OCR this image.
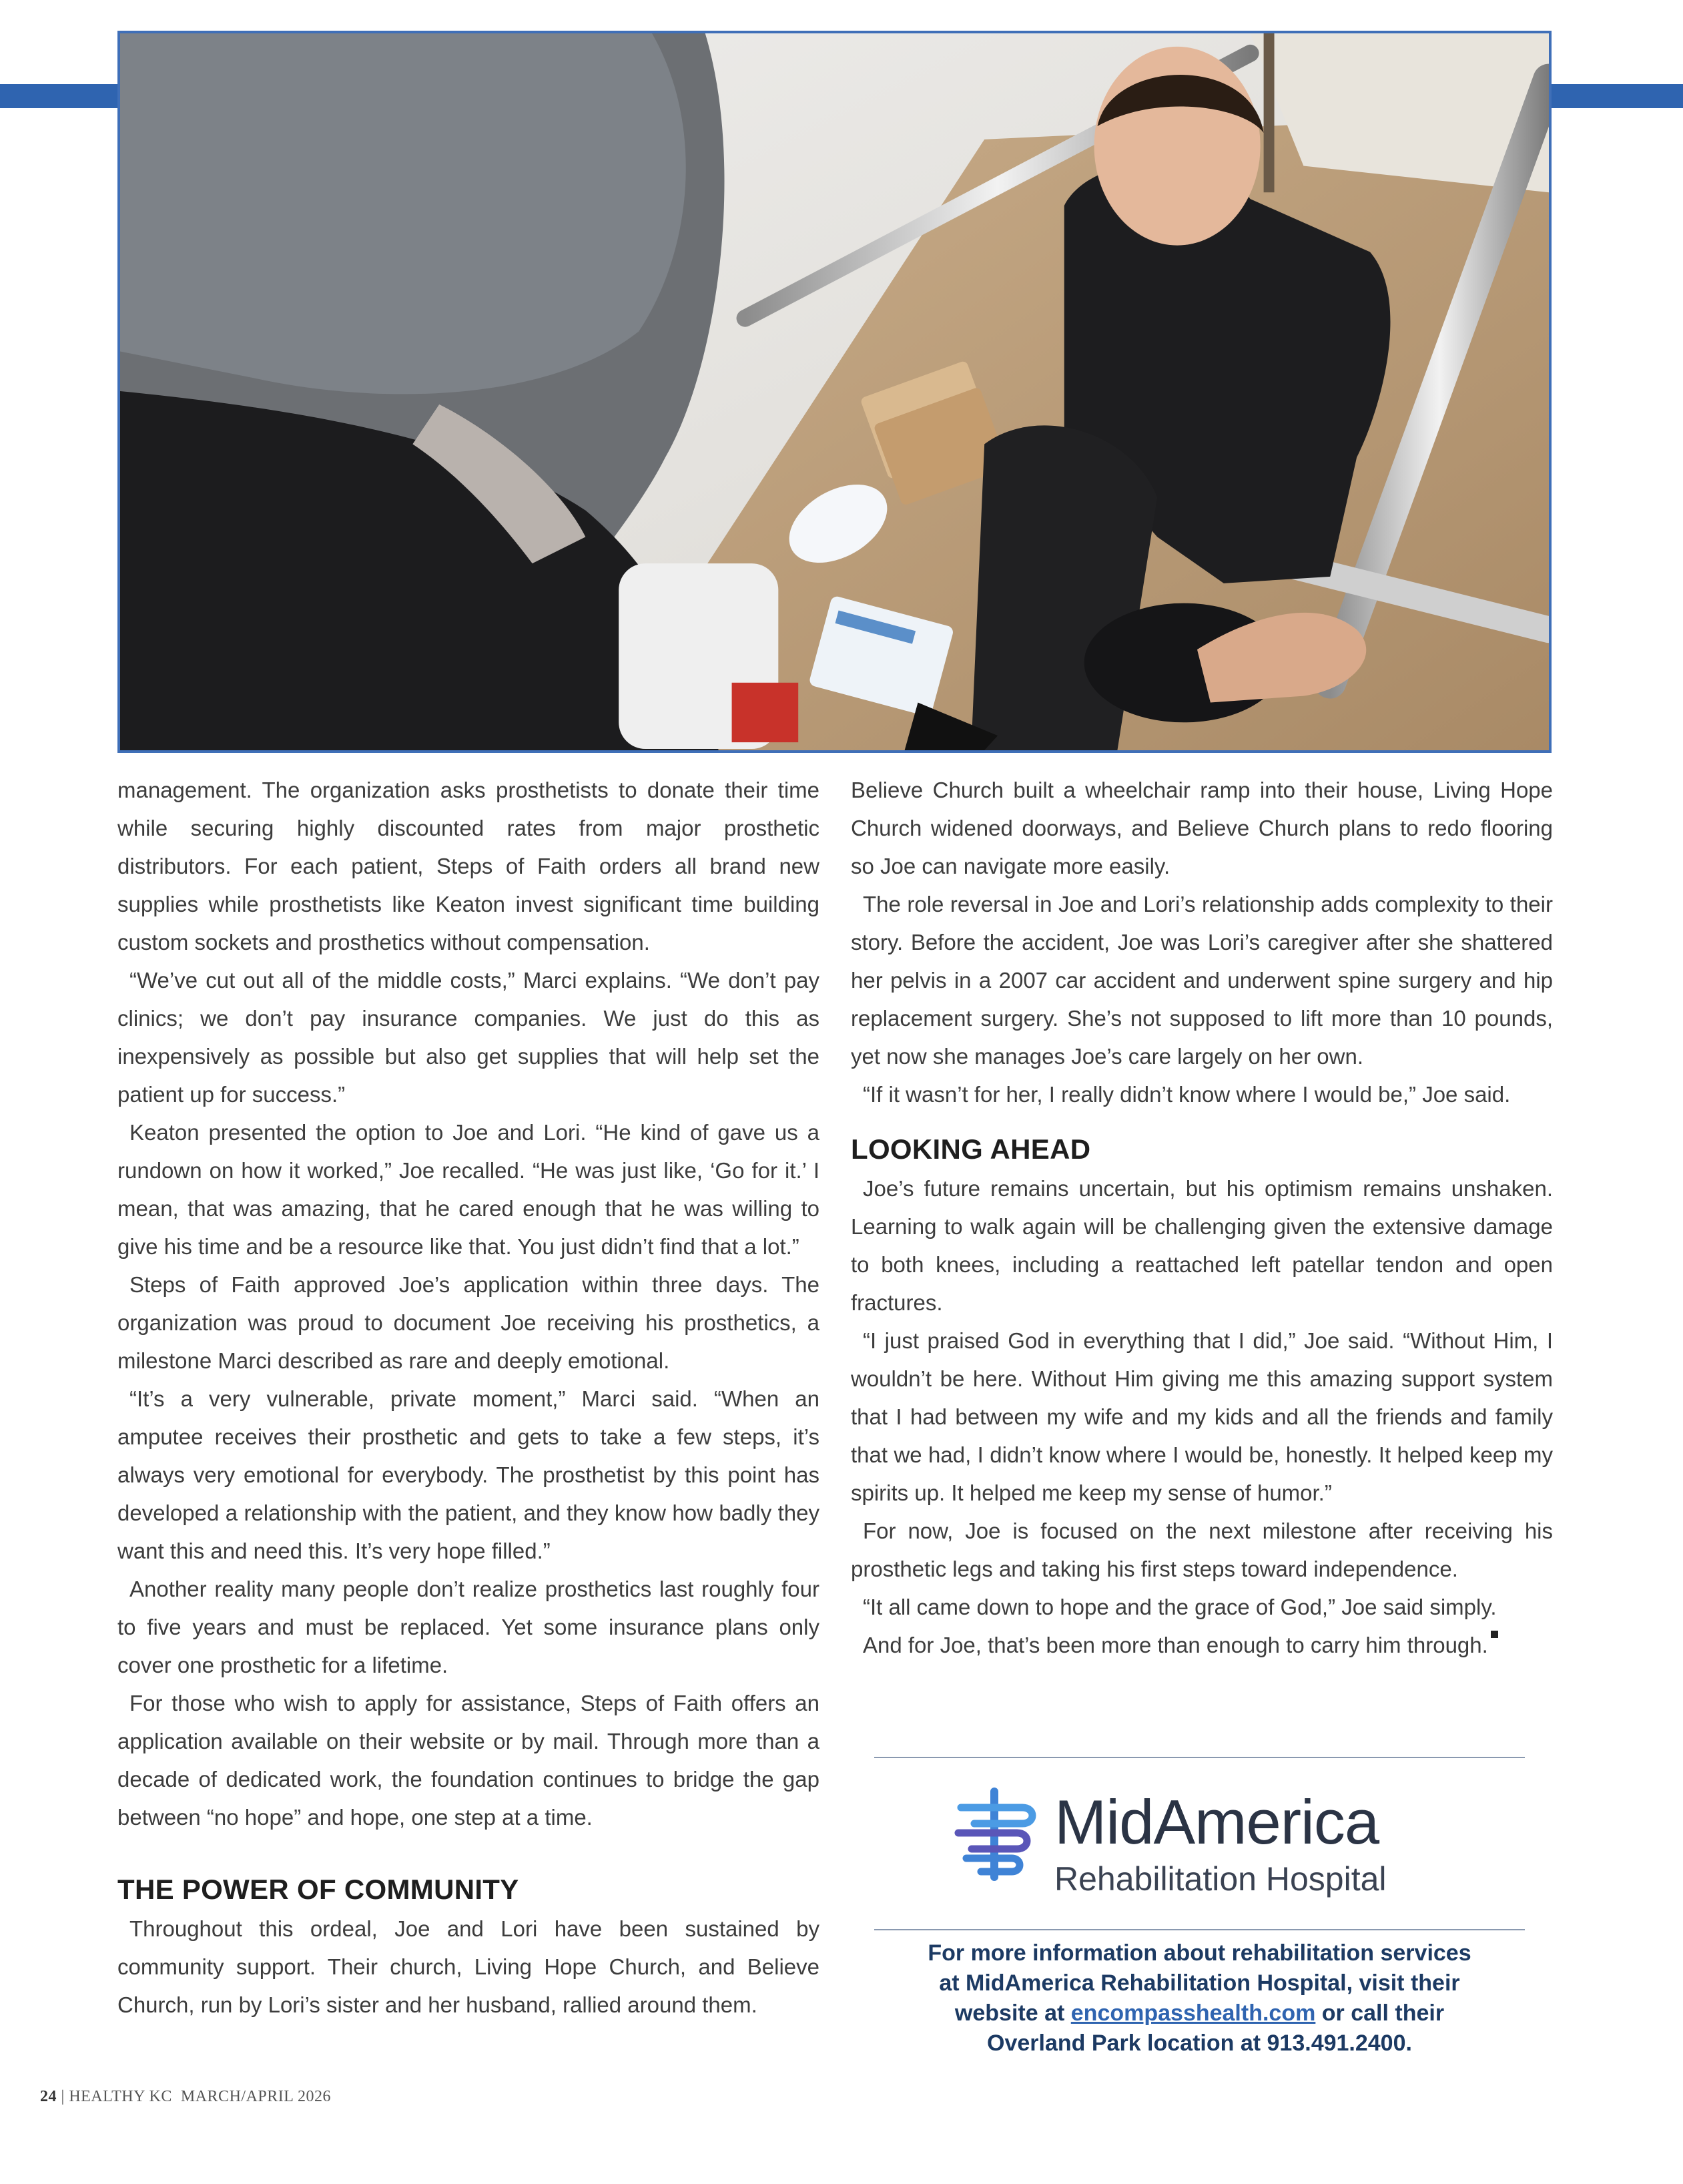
management. The organization asks prosthetists to donate their time while securing highly discounted rates from major prosthetic distributors. For each patient, Steps of Faith orders all brand new supplies while prosthetists like Keaton invest significant time building custom sockets and prosthetics without compensation.

“We’ve cut out all of the middle costs,” Marci explains. “We don’t pay clinics; we don’t pay insurance companies. We just do this as inexpensively as possible but also get supplies that will help set the patient up for success.”

Keaton presented the option to Joe and Lori. “He kind of gave us a rundown on how it worked,” Joe recalled. “He was just like, ‘Go for it.’ I mean, that was amazing, that he cared enough that he was willing to give his time and be a resource like that. You just didn’t find that a lot.”

Steps of Faith approved Joe’s application within three days. The organization was proud to document Joe receiving his prosthetics, a milestone Marci described as rare and deeply emotional.

“It’s a very vulnerable, private moment,” Marci said. “When an amputee receives their prosthetic and gets to take a few steps, it’s always very emotional for everybody. The prosthetist by this point has developed a relationship with the patient, and they know how badly they want this and need this. It’s very hope filled.”

Another reality many people don’t realize prosthetics last roughly four to five years and must be replaced. Yet some insurance plans only cover one prosthetic for a lifetime.

For those who wish to apply for assistance, Steps of Faith offers an application available on their website or by mail. Through more than a decade of dedicated work, the foundation continues to bridge the gap between “no hope” and hope, one step at a time.

THE POWER OF COMMUNITY

Throughout this ordeal, Joe and Lori have been sustained by community support. Their church, Living Hope Church, and Believe Church, run by Lori’s sister and her husband, rallied around them.

Believe Church built a wheelchair ramp into their house, Living Hope Church widened doorways, and Believe Church plans to redo flooring so Joe can navigate more easily.

The role reversal in Joe and Lori’s relationship adds complexity to their story. Before the accident, Joe was Lori’s caregiver after she shattered her pelvis in a 2007 car accident and underwent spine surgery and hip replacement surgery. She’s not supposed to lift more than 10 pounds, yet now she manages Joe’s care largely on her own.

“If it wasn’t for her, I really didn’t know where I would be,” Joe said.

LOOKING AHEAD

Joe’s future remains uncertain, but his optimism remains unshaken. Learning to walk again will be challenging given the extensive damage to both knees, including a reattached left patellar tendon and open fractures.

“I just praised God in everything that I did,” Joe said. “Without Him, I wouldn’t be here. Without Him giving me this amazing support system that I had between my wife and my kids and all the friends and family that we had, I didn’t know where I would be, honestly. It helped keep my spirits up. It helped me keep my sense of humor.”

For now, Joe is focused on the next milestone after receiving his prosthetic legs and taking his first steps toward independence.

“It all came down to hope and the grace of God,” Joe said simply.

And for Joe, that’s been more than enough to carry him through.

MidAmerica
Rehabilitation Hospital
For more information about rehabilitation services
at MidAmerica Rehabilitation Hospital, visit their
website at encompasshealth.com or call their
Overland Park location at 913.491.2400.
24 | HEALTHY KC MARCH/APRIL 2026
